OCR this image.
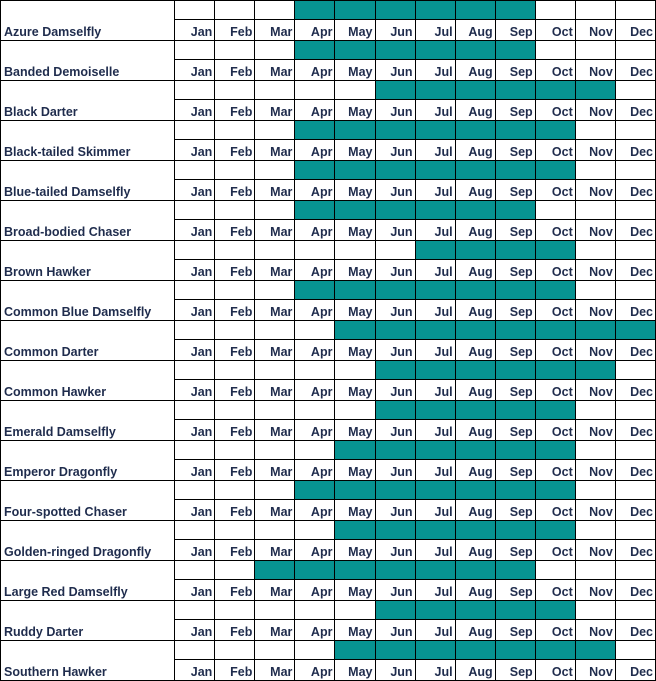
Azure Damselfly												
	Jan	Feb	Mar	Apr	May	Jun	Jul	Aug	Sep	Oct	Nov	Dec
Banded Demoiselle												
	Jan	Feb	Mar	Apr	May	Jun	Jul	Aug	Sep	Oct	Nov	Dec
Black Darter												
	Jan	Feb	Mar	Apr	May	Jun	Jul	Aug	Sep	Oct	Nov	Dec
Black-tailed Skimmer												
	Jan	Feb	Mar	Apr	May	Jun	Jul	Aug	Sep	Oct	Nov	Dec
Blue-tailed Damselfly												
	Jan	Feb	Mar	Apr	May	Jun	Jul	Aug	Sep	Oct	Nov	Dec
Broad-bodied Chaser												
	Jan	Feb	Mar	Apr	May	Jun	Jul	Aug	Sep	Oct	Nov	Dec
Brown Hawker												
	Jan	Feb	Mar	Apr	May	Jun	Jul	Aug	Sep	Oct	Nov	Dec
Common Blue Damselfly												
	Jan	Feb	Mar	Apr	May	Jun	Jul	Aug	Sep	Oct	Nov	Dec
Common Darter												
	Jan	Feb	Mar	Apr	May	Jun	Jul	Aug	Sep	Oct	Nov	Dec
Common Hawker												
	Jan	Feb	Mar	Apr	May	Jun	Jul	Aug	Sep	Oct	Nov	Dec
Emerald Damselfly												
	Jan	Feb	Mar	Apr	May	Jun	Jul	Aug	Sep	Oct	Nov	Dec
Emperor Dragonfly												
	Jan	Feb	Mar	Apr	May	Jun	Jul	Aug	Sep	Oct	Nov	Dec
Four-spotted Chaser												
	Jan	Feb	Mar	Apr	May	Jun	Jul	Aug	Sep	Oct	Nov	Dec
Golden-ringed Dragonfly												
	Jan	Feb	Mar	Apr	May	Jun	Jul	Aug	Sep	Oct	Nov	Dec
Large Red Damselfly												
	Jan	Feb	Mar	Apr	May	Jun	Jul	Aug	Sep	Oct	Nov	Dec
Ruddy Darter												
	Jan	Feb	Mar	Apr	May	Jun	Jul	Aug	Sep	Oct	Nov	Dec
Southern Hawker												
	Jan	Feb	Mar	Apr	May	Jun	Jul	Aug	Sep	Oct	Nov	Dec
